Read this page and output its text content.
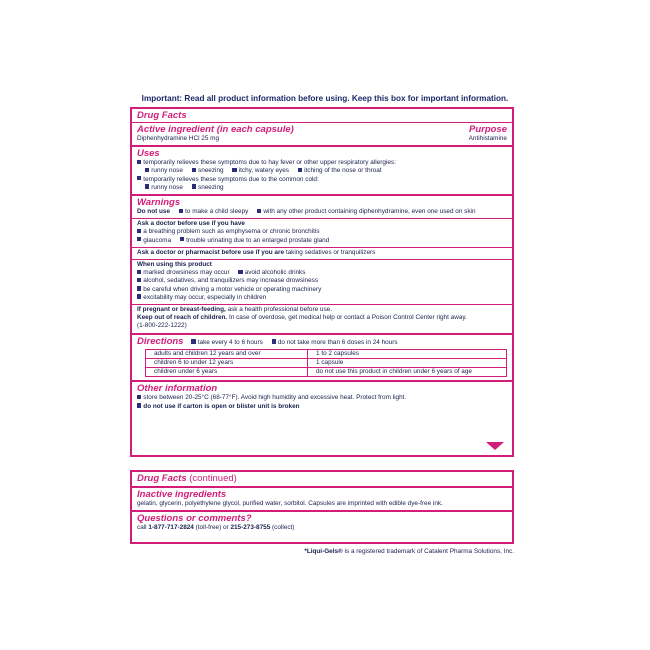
Important: Read all product information before using. Keep this box for important information.
Drug Facts
Active ingredient (in each capsule)	Purpose
Diphenhydramine HCl 25 mg	Antihistamine
Uses
temporarily relieves these symptoms due to hay fever or other upper respiratory allergies:
runny nose sneezing itchy, watery eyes itching of the nose or throat
temporarily relieves these symptoms due to the common cold:
runny nose sneezing
Warnings
Do not use to make a child sleepy with any other product containing diphenhydramine, even one used on skin
Ask a doctor before use if you have
a breathing problem such as emphysema or chronic bronchitis
glaucoma trouble urinating due to an enlarged prostate gland
Ask a doctor or pharmacist before use if you are taking sedatives or tranquilizers
When using this product
marked drowsiness may occur avoid alcoholic drinks
alcohol, sedatives, and tranquilizers may increase drowsiness
be careful when driving a motor vehicle or operating machinery
excitability may occur, especially in children
If pregnant or breast-feeding, ask a health professional before use.
Keep out of reach of children. In case of overdose, get medical help or contact a Poison Control Center right away.
(1-800-222-1222)
Directions	take every 4 to 6 hours do not take more than 6 doses in 24 hours
adults and children 12 years and over	1 to 2 capsules
children 6 to under 12 years	1 capsule
children under 6 years	do not use this product in children under 6 years of age
Other information
store between 20-25°C (68-77°F). Avoid high humidity and excessive heat. Protect from light.
do not use if carton is open or blister unit is broken
Drug Facts (continued)
Inactive ingredients
gelatin, glycerin, polyethylene glycol, purified water, sorbitol. Capsules are imprinted with edible dye-free ink.
Questions or comments?
call 1-877-717-2824 (toll-free) or 215-273-8755 (collect)
*Liqui-Gels® is a registered trademark of Catalent Pharma Solutions, Inc.
